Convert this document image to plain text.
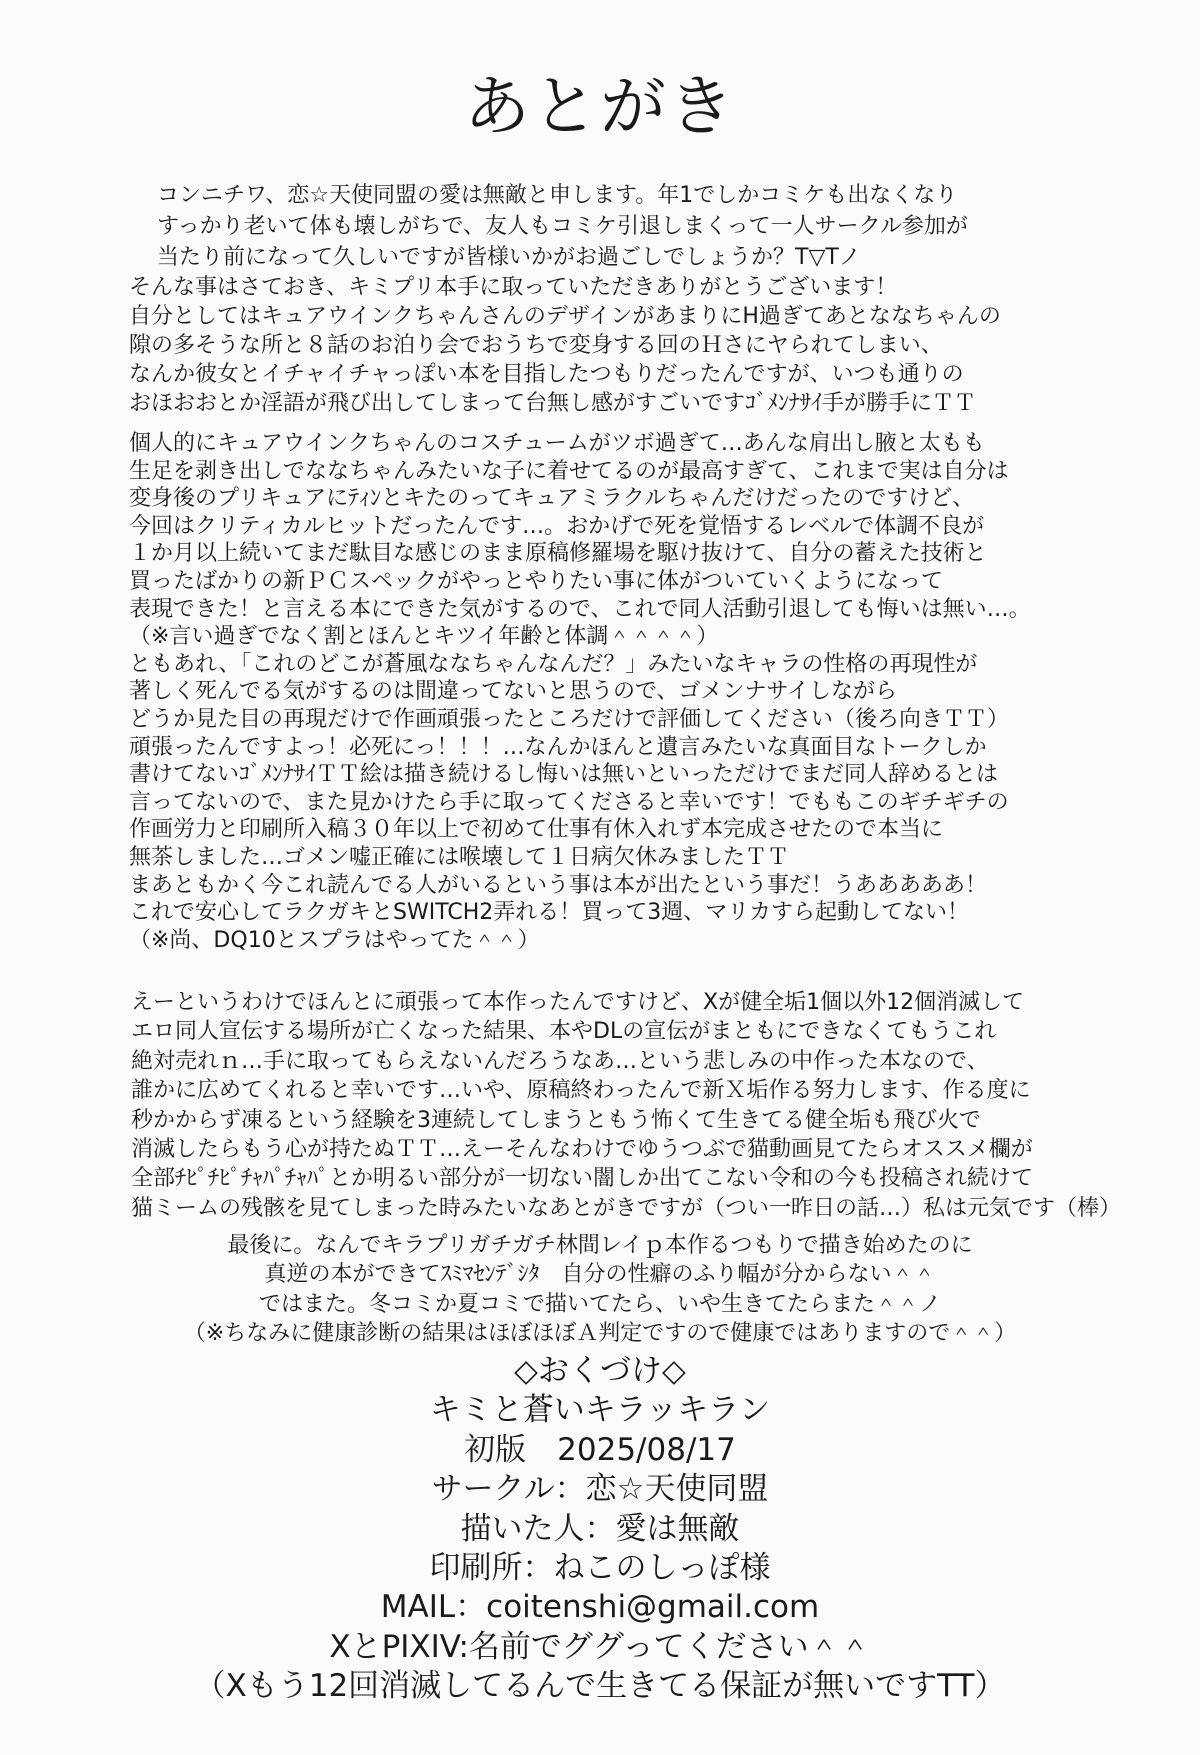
あとがき
コンニチワ、恋☆天使同盟の愛は無敵と申します。年1でしかコミケも出なくなり
すっかり老いて体も壊しがちで、友人もコミケ引退しまくって一人サークル参加が
当たり前になって久しいですが皆様いかがお過ごしでしょうか？T▽Tノ
そんな事はさておき、キミプリ本手に取っていただきありがとうございます！
自分としてはキュアウインクちゃんさんのデザインがあまりにH過ぎてあとななちゃんの
隙の多そうな所と８話のお泊り会でおうちで変身する回のＨさにヤられてしまい、
なんか彼女とイチャイチャっぽい本を目指したつもりだったんですが、いつも通りの
おほおおとか淫語が飛び出してしまって台無し感がすごいですｺﾞﾒﾝﾅｻｲ手が勝手にＴＴ
個人的にキュアウインクちゃんのコスチュームがツボ過ぎて…あんな肩出し腋と太もも
生足を剥き出しでななちゃんみたいな子に着せてるのが最高すぎて、これまで実は自分は
変身後のプリキュアにﾃｨﾝとキたのってキュアミラクルちゃんだけだったのですけど、
今回はクリティカルヒットだったんです…。おかげで死を覚悟するレベルで体調不良が
１か月以上続いてまだ駄目な感じのまま原稿修羅場を駆け抜けて、自分の蓄えた技術と
買ったばかりの新ＰＣスペックがやっとやりたい事に体がついていくようになって
表現できた！と言える本にできた気がするので、これで同人活動引退しても悔いは無い…。
（※言い過ぎでなく割とほんとキツイ年齢と体調＾＾＾＾）
ともあれ、「これのどこが蒼風ななちゃんなんだ？」みたいなキャラの性格の再現性が
著しく死んでる気がするのは間違ってないと思うので、ゴメンナサイしながら
どうか見た目の再現だけで作画頑張ったところだけで評価してください（後ろ向きＴＴ）
頑張ったんですよっ！必死にっ！！！…なんかほんと遺言みたいな真面目なトークしか
書けてないｺﾞﾒﾝﾅｻｲＴＴ絵は描き続けるし悔いは無いといっただけでまだ同人辞めるとは
言ってないので、また見かけたら手に取ってくださると幸いです！でももこのギチギチの
作画労力と印刷所入稿３０年以上で初めて仕事有休入れず本完成させたので本当に
無茶しました…ゴメン嘘正確には喉壊して１日病欠休みましたＴＴ
まあともかく今これ読んでる人がいるという事は本が出たという事だ！うあああああ！
これで安心してラクガキとSWITCH2弄れる！買って3週、マリカすら起動してない！
（※尚、DQ10とスプラはやってた＾＾）
えーというわけでほんとに頑張って本作ったんですけど、Xが健全垢1個以外12個消滅して
エロ同人宣伝する場所が亡くなった結果、本やDLの宣伝がまともにできなくてもうこれ
絶対売れｎ…手に取ってもらえないんだろうなあ…という悲しみの中作った本なので、
誰かに広めてくれると幸いです…いや、原稿終わったんで新Ｘ垢作る努力します、作る度に
秒かからず凍るという経験を3連続してしまうともう怖くて生きてる健全垢も飛び火で
消滅したらもう心が持たぬＴＴ…えーそんなわけでゆうつぶで猫動画見てたらオススメ欄が
全部ﾁﾋﾟﾁﾋﾟﾁｬﾊﾟﾁｬﾊﾟとか明るい部分が一切ない闇しか出てこない令和の今も投稿され続けて
猫ミームの残骸を見てしまった時みたいなあとがきですが（つい一昨日の話…）私は元気です（棒）
最後に。なんでキラプリガチガチ林間レイｐ本作るつもりで描き始めたのに
真逆の本ができてｽﾐﾏｾﾝﾃﾞｼﾀ　自分の性癖のふり幅が分からない＾＾
ではまた。冬コミか夏コミで描いてたら、いや生きてたらまた＾＾ノ
（※ちなみに健康診断の結果はほぼほぼＡ判定ですので健康ではありますので＾＾）
◇おくづけ◇
キミと蒼いキラッキラン
初版　2025/08/17
サークル：恋☆天使同盟
描いた人：愛は無敵
印刷所：ねこのしっぽ様
MAIL：coitenshi@gmail.com
XとPIXIV:名前でググってください＾＾
（Xもう12回消滅してるんで生きてる保証が無いですTT）
